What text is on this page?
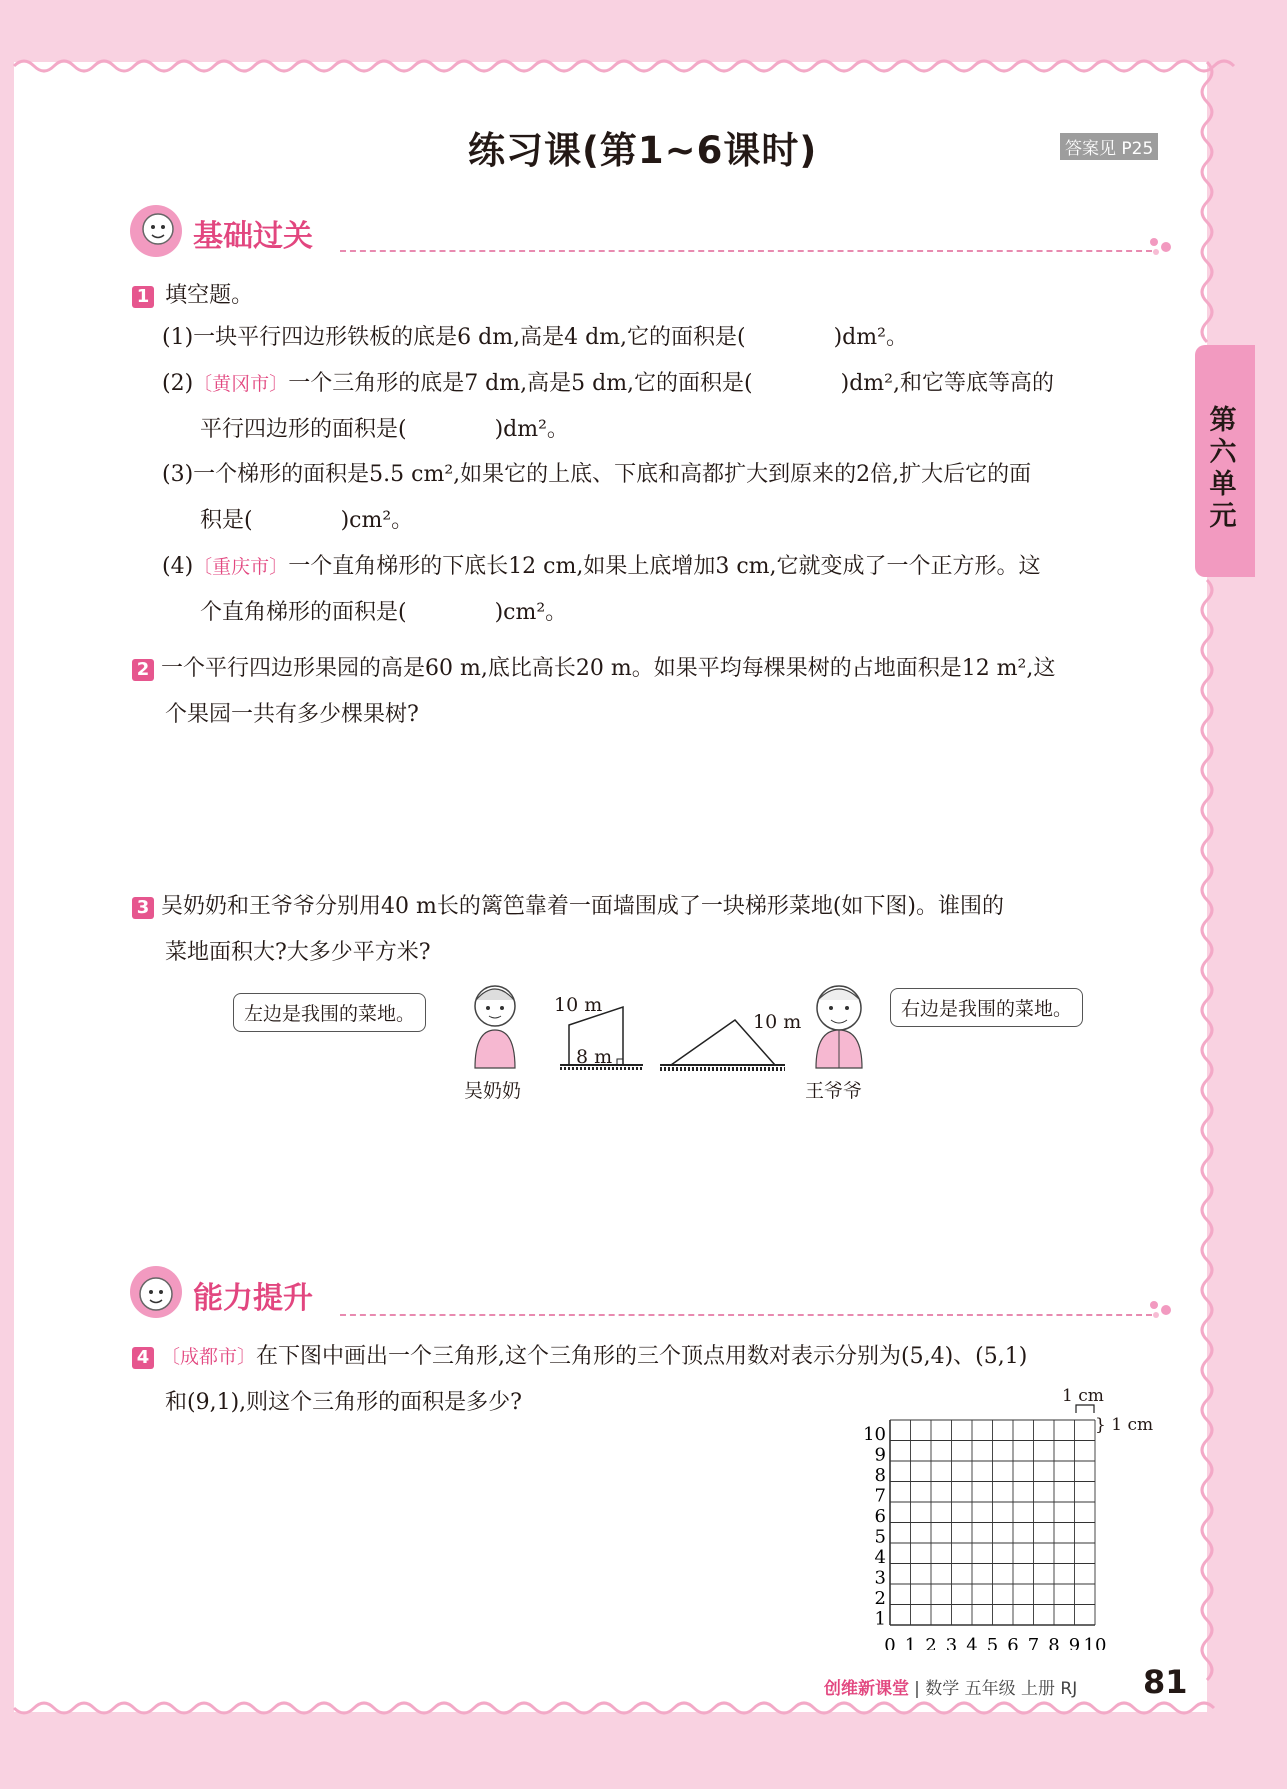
练习课(第1~6课时)	答案见 P25
第六单元
基础过关
1 填空题。
(1)一块平行四边形铁板的底是6 dm,高是4 dm,它的面积是(　　　　)dm²。
(2)〔黄冈市〕一个三角形的底是7 dm,高是5 dm,它的面积是(　　　　)dm²,和它等底等高的
平行四边形的面积是(　　　　)dm²。
(3)一个梯形的面积是5.5 cm²,如果它的上底、下底和高都扩大到原来的2倍,扩大后它的面
积是(　　　　)cm²。
(4)〔重庆市〕一个直角梯形的下底长12 cm,如果上底增加3 cm,它就变成了一个正方形。这
个直角梯形的面积是(　　　　)cm²。
2 一个平行四边形果园的高是60 m,底比高长20 m。如果平均每棵果树的占地面积是12 m²,这
个果园一共有多少棵果树?
3 吴奶奶和王爷爷分别用40 m长的篱笆靠着一面墙围成了一块梯形菜地(如下图)。谁围的
菜地面积大?大多少平方米?
左边是我围的菜地。	右边是我围的菜地。
吴奶奶
10 m
8 m
10 m
王爷爷
能力提升
4 〔成都市〕在下图中画出一个三角形,这个三角形的三个顶点用数对表示分别为(5,4)、(5,1)
和(9,1),则这个三角形的面积是多少?
0 1 2 3 4 5 6 7 8 9 10
1
2
3
4
5
6
7
8
9
10
1 cm
} 1 cm
创维新课堂 | 数学 五年级 上册 RJ 81
